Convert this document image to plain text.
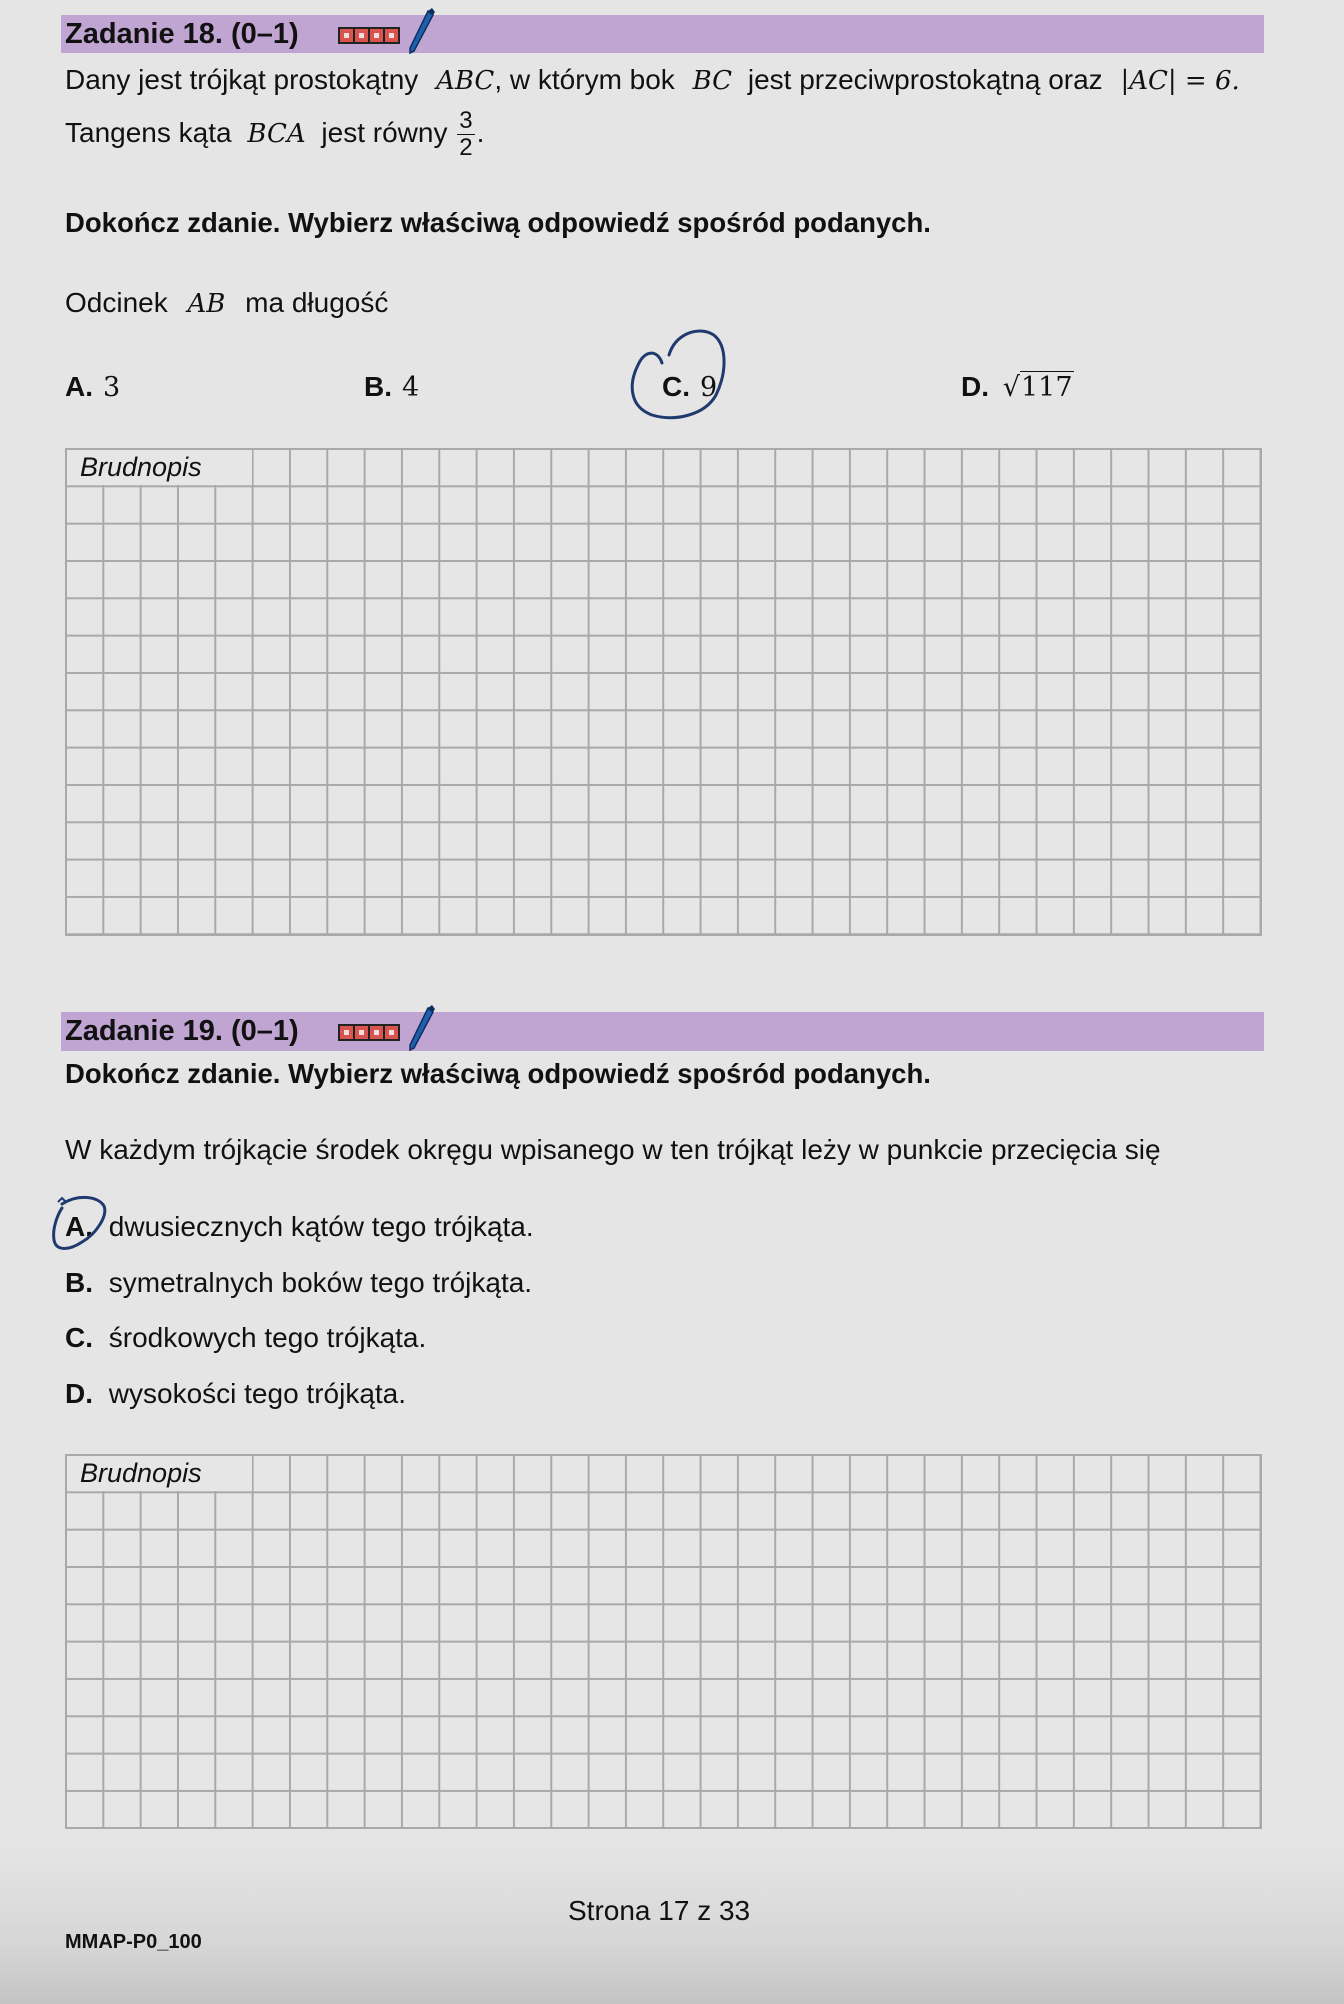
Zadanie 18. (0–1)
Dany jest trójkąt prostokątny ABC, w którym bok BC jest przeciwprostokątną oraz |AC| = 6.
Tangens kąta BCA jest równy $\frac{3}{2}$ .
Dokończ zdanie. Wybierz właściwą odpowiedź spośród podanych.
Odcinek AB ma długość
A. 3	B. 4	C. 9	D. √117
Brudnopis
Zadanie 19. (0–1)
Dokończ zdanie. Wybierz właściwą odpowiedź spośród podanych.
W każdym trójkącie środek okręgu wpisanego w ten trójkąt leży w punkcie przecięcia się
A. dwusiecznych kątów tego trójkąta.
B. symetralnych boków tego trójkąta.
C. środkowych tego trójkąta.
D. wysokości tego trójkąta.
Brudnopis
Strona 17 z 33
MMAP-P0_100
